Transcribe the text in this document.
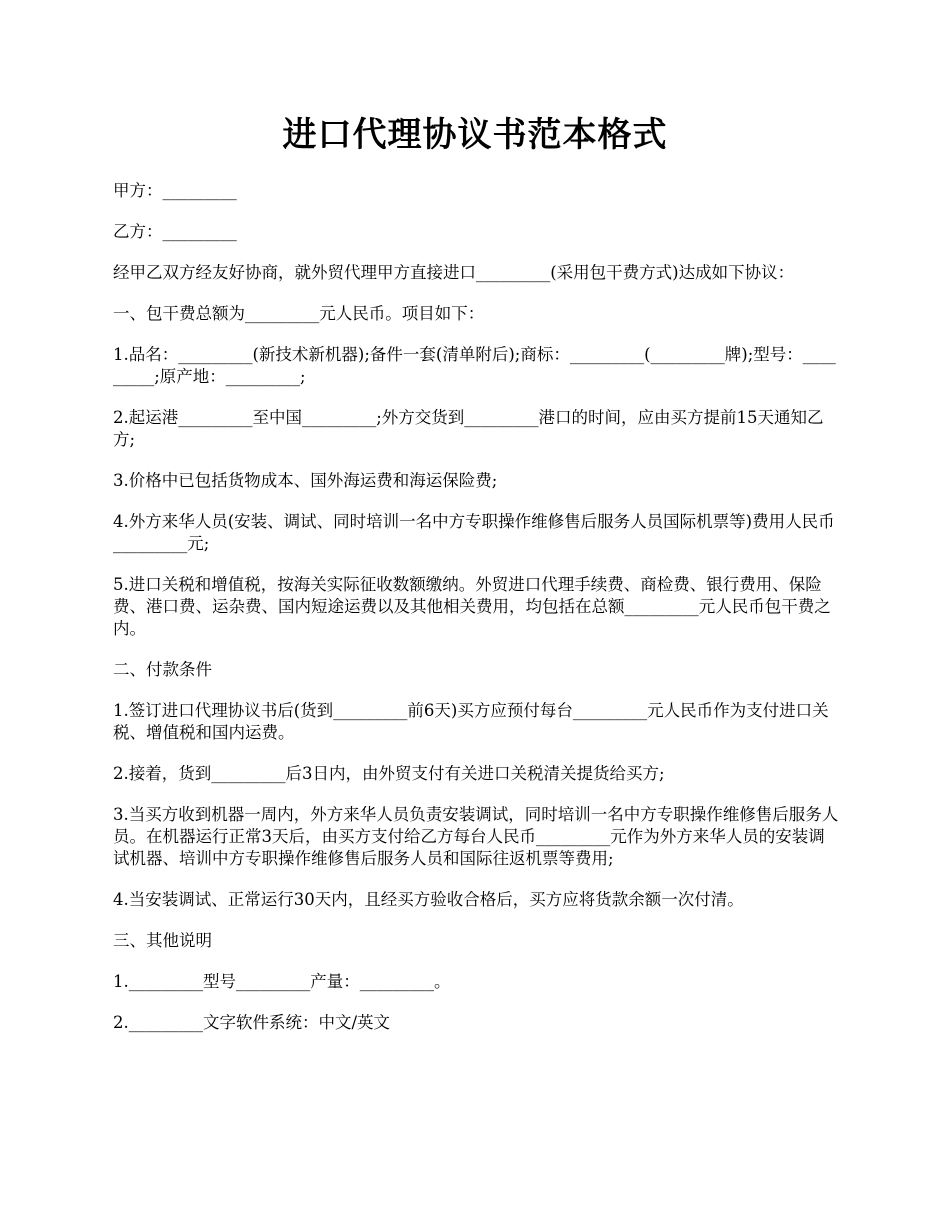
进口代理协议书范本格式

甲方：_________

乙方：_________

经甲乙双方经友好协商，就外贸代理甲方直接进口_________(采用包干费方式)达成如下协议：

一、包干费总额为_________元人民币。项目如下：

1.品名：_________(新技术新机器);备件一套(清单附后);商标：_________(_________牌);型号：_________;原产地：_________;

2.起运港_________至中国_________;外方交货到_________港口的时间，应由买方提前15天通知乙方;

3.价格中已包括货物成本、国外海运费和海运保险费;

4.外方来华人员(安装、调试、同时培训一名中方专职操作维修售后服务人员国际机票等)费用人民币_________元;

5.进口关税和增值税，按海关实际征收数额缴纳。外贸进口代理手续费、商检费、银行费用、保险费、港口费、运杂费、国内短途运费以及其他相关费用，均包括在总额_________元人民币包干费之内。

二、付款条件

1.签订进口代理协议书后(货到_________前6天)买方应预付每台_________元人民币作为支付进口关税、增值税和国内运费。

2.接着，货到_________后3日内，由外贸支付有关进口关税清关提货给买方;

3.当买方收到机器一周内，外方来华人员负责安装调试，同时培训一名中方专职操作维修售后服务人员。在机器运行正常3天后，由买方支付给乙方每台人民币_________元作为外方来华人员的安装调试机器、培训中方专职操作维修售后服务人员和国际往返机票等费用;

4.当安装调试、正常运行30天内，且经买方验收合格后，买方应将货款余额一次付清。

三、其他说明

1._________型号_________产量：_________。

2._________文字软件系统：中文/英文
